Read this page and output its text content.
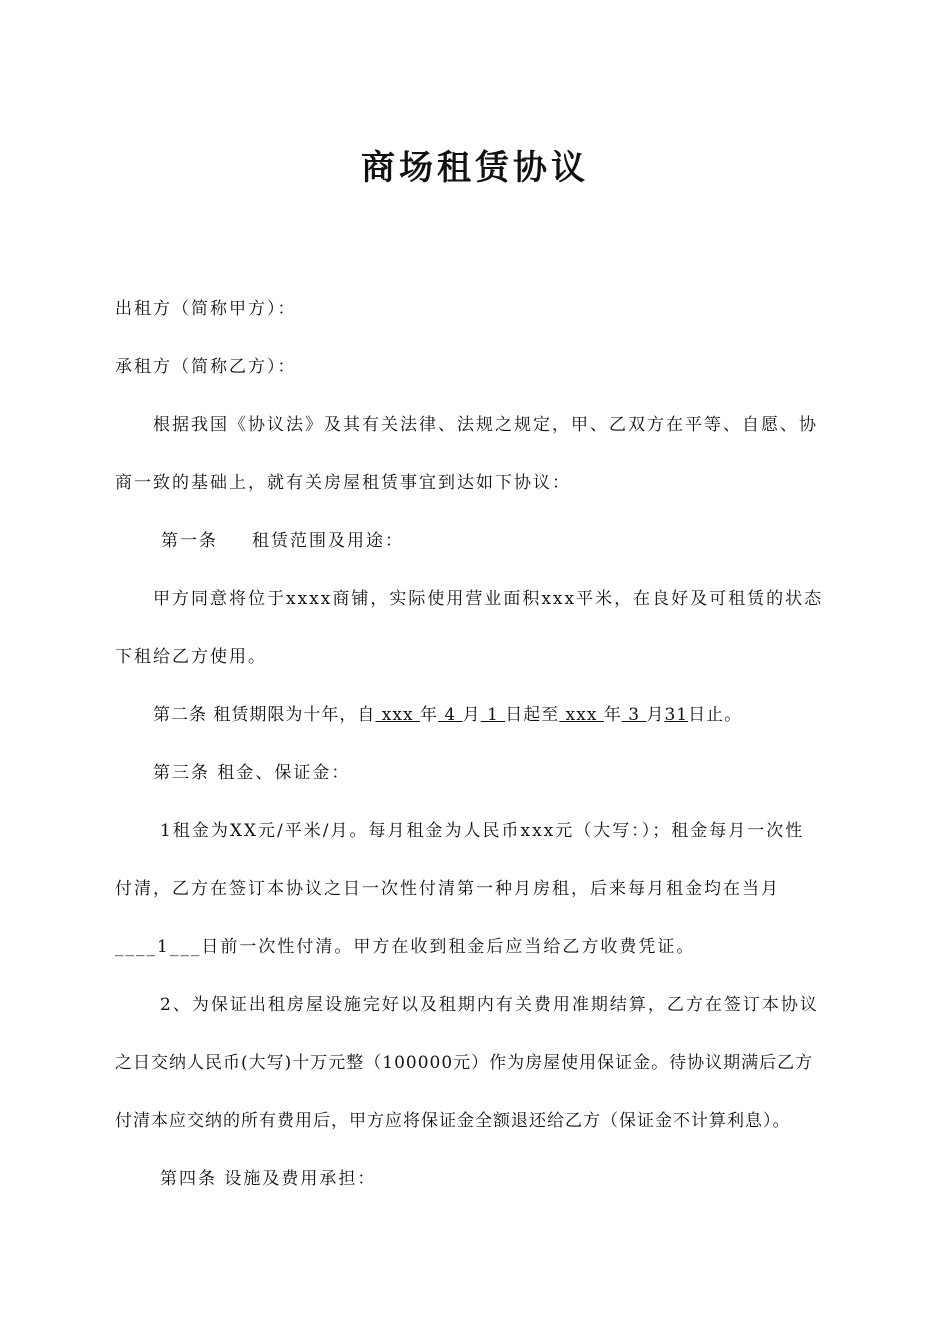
商场租赁协议
出租方（简称甲方）：
承租方（简称乙方）：
根据我国《协议法》及其有关法律、法规之规定，甲、乙双方在平等、自愿、协
商一致的基础上，就有关房屋租赁事宜到达如下协议：
第一条 租赁范围及用途：
甲方同意将位于xxxx商铺，实际使用营业面积xxx平米，在良好及可租赁的状态
下租给乙方使用。
第二条 租赁期限为十年，自 xxx 年 4 月 1 日起至 xxx 年 3 月31日止。
第三条 租金、保证金：
1租金为XX元/平米/月。每月租金为人民币xxx元（大写：）；租金每月一次性
付清，乙方在签订本协议之日一次性付清第一种月房租，后来每月租金均在当月
____1___日前一次性付清。甲方在收到租金后应当给乙方收费凭证。
2、为保证出租房屋设施完好以及租期内有关费用准期结算，乙方在签订本协议
之日交纳人民币(大写)十万元整（100000元）作为房屋使用保证金。待协议期满后乙方
付清本应交纳的所有费用后，甲方应将保证金全额退还给乙方（保证金不计算利息）。
第四条 设施及费用承担：
